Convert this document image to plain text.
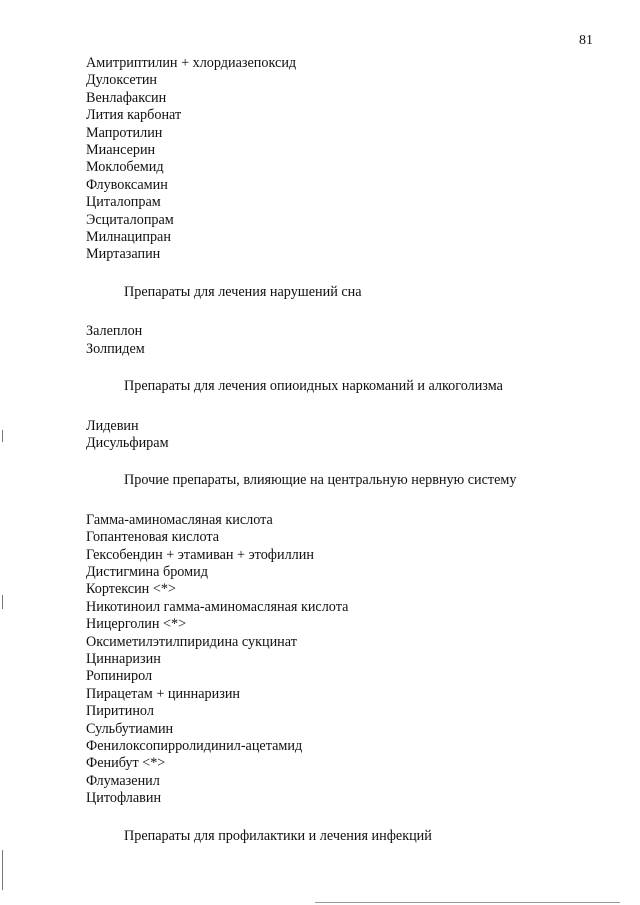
81
Амитриптилин + хлордиазепоксид
Дулоксетин
Венлафаксин
Лития карбонат
Мапротилин
Миансерин
Моклобемид
Флувоксамин
Циталопрам
Эсциталопрам
Милнаципран
Миртазапин
Препараты для лечения нарушений сна
Залеплон
Золпидем
Препараты для лечения опиоидных наркоманий и алкоголизма
Лидевин
Дисульфирам
Прочие препараты, влияющие на центральную нервную систему
Гамма-аминомасляная кислота
Гопантеновая кислота
Гексобендин + этамиван + этофиллин
Дистигмина бромид
Кортексин <*>
Никотиноил гамма-аминомасляная кислота
Ницерголин <*>
Оксиметилэтилпиридина сукцинат
Циннаризин
Ропинирол
Пирацетам + циннаризин
Пиритинол
Сульбутиамин
Фенилоксопирролидинил-ацетамид
Фенибут <*>
Флумазенил
Цитофлавин
Препараты для профилактики и лечения инфекций
